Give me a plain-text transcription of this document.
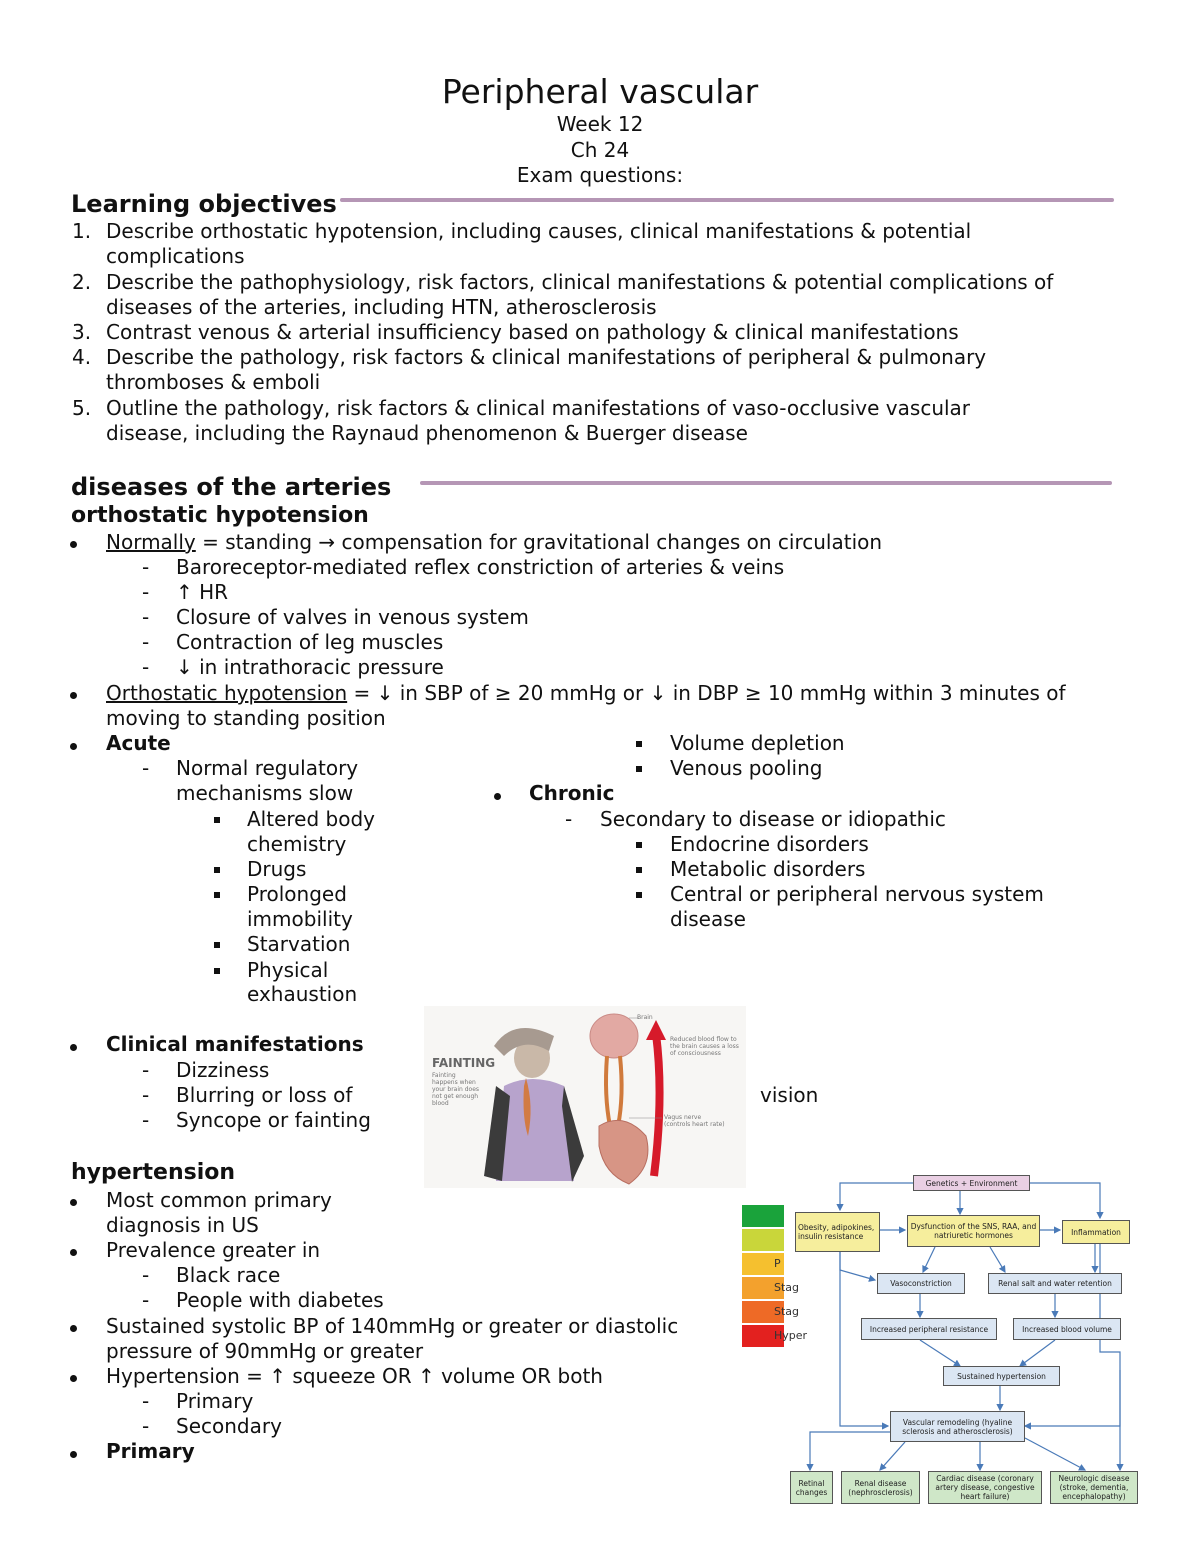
Peripheral vascular
Week 12
Ch 24
Exam questions:
Learning objectives
1. Describe orthostatic hypotension, including causes, clinical manifestations & potential
complications
2. Describe the pathophysiology, risk factors, clinical manifestations & potential complications of
diseases of the arteries, including HTN, atherosclerosis
3. Contrast venous & arterial insufficiency based on pathology & clinical manifestations
4. Describe the pathology, risk factors & clinical manifestations of peripheral & pulmonary
thromboses & emboli
5. Outline the pathology, risk factors & clinical manifestations of vaso-occlusive vascular
disease, including the Raynaud phenomenon & Buerger disease
diseases of the arteries
orthostatic hypotension
Normally = standing → compensation for gravitational changes on circulation
- Baroreceptor-mediated reflex constriction of arteries & veins
- ↑ HR
- Closure of valves in venous system
- Contraction of leg muscles
- ↓ in intrathoracic pressure
Orthostatic hypotension = ↓ in SBP of ≥ 20 mmHg or ↓ in DBP ≥ 10 mmHg within 3 minutes of
moving to standing position
Acute
- Normal regulatory
mechanisms slow
Altered body
chemistry
Drugs
Prolonged
immobility
Starvation
Physical
exhaustion
Volume depletion
Venous pooling
Chronic
- Secondary to disease or idiopathic
Endocrine disorders
Metabolic disorders
Central or peripheral nervous system
disease
Clinical manifestations
- Dizziness
- Blurring or loss of
- Syncope or fainting
vision
FAINTING
Fainting happens when your brain does not get enough blood
Brain
Reduced blood flow to the brain causes a loss of consciousness
Vagus nerve (controls heart rate)
hypertension
Most common primary
diagnosis in US
Prevalence greater in
- Black race
- People with diabetes
Sustained systolic BP of 140mmHg or greater or diastolic
pressure of 90mmHg or greater
Hypertension = ↑ squeeze OR ↑ volume OR both
- Primary
- Secondary
Primary
P
Stag
Stag
Hyper
Genetics + Environment
Obesity, adipokines, insulin resistance
Dysfunction of the SNS, RAA, and natriuretic hormones	Inflammation
Vasoconstriction	Renal salt and water retention
Increased peripheral resistance	Increased blood volume
Sustained hypertension
Vascular remodeling (hyaline sclerosis and atherosclerosis)
Retinal changes
Renal disease (nephrosclerosis)
Cardiac disease (coronary artery disease, congestive heart failure)
Neurologic disease (stroke, dementia, encephalopathy)
